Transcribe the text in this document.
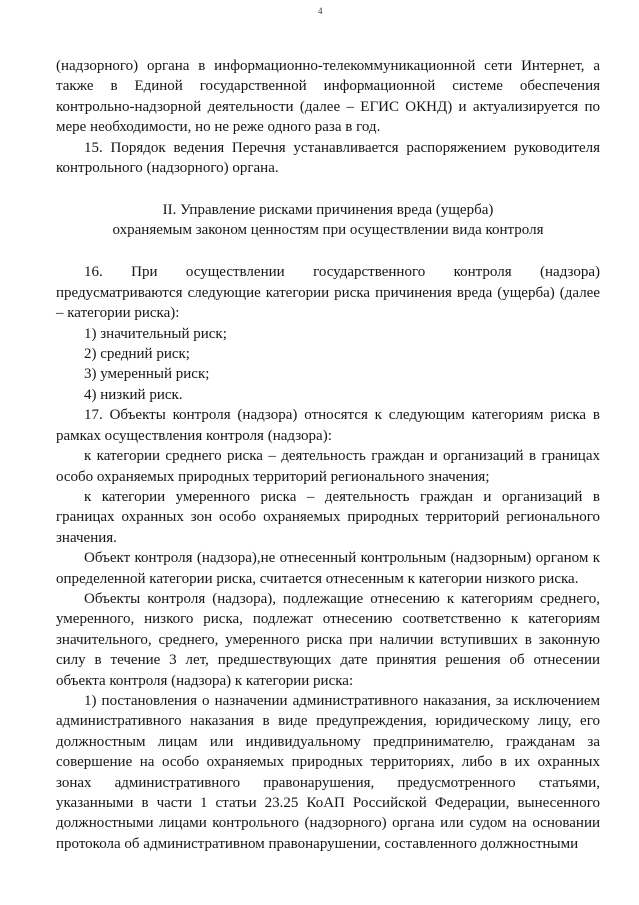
4

(надзорного) органа в информационно-телекоммуникационной сети Интернет, а также в Единой государственной информационной системе обеспечения контрольно-надзорной деятельности (далее – ЕГИС ОКНД) и актуализируется по мере необходимости, но не реже одного раза в год.

15. Порядок ведения Перечня устанавливается распоряжением руководителя контрольного (надзорного) органа.

II. Управление рисками причинения вреда (ущерба)
охраняемым законом ценностям при осуществлении вида контроля

16. При осуществлении государственного контроля (надзора) предусматриваются следующие категории риска причинения вреда (ущерба) (далее – категории риска):

1) значительный риск;

2) средний риск;

3) умеренный риск;

4) низкий риск.

17. Объекты контроля (надзора) относятся к следующим категориям риска в рамках осуществления контроля (надзора):

к категории среднего риска – деятельность граждан и организаций в границах особо охраняемых природных территорий регионального значения;

к категории умеренного риска – деятельность граждан и организаций в границах охранных зон особо охраняемых природных территорий регионального значения.

Объект контроля (надзора),не отнесенный контрольным (надзорным) органом к определенной категории риска, считается отнесенным к категории низкого риска.

Объекты контроля (надзора), подлежащие отнесению к категориям среднего, умеренного, низкого риска, подлежат отнесению соответственно к категориям значительного, среднего, умеренного риска при наличии вступивших в законную силу в течение 3 лет, предшествующих дате принятия решения об отнесении объекта контроля (надзора) к категории риска:

1) постановления о назначении административного наказания, за исключением административного наказания в виде предупреждения, юридическому лицу, его должностным лицам или индивидуальному предпринимателю, гражданам за совершение на особо охраняемых природных территориях, либо в их охранных зонах административного правонарушения, предусмотренного статьями, указанными в части 1 статьи 23.25 КоАП Российской Федерации, вынесенного должностными лицами контрольного (надзорного) органа или судом на основании протокола об административном правонарушении, составленного должностными
